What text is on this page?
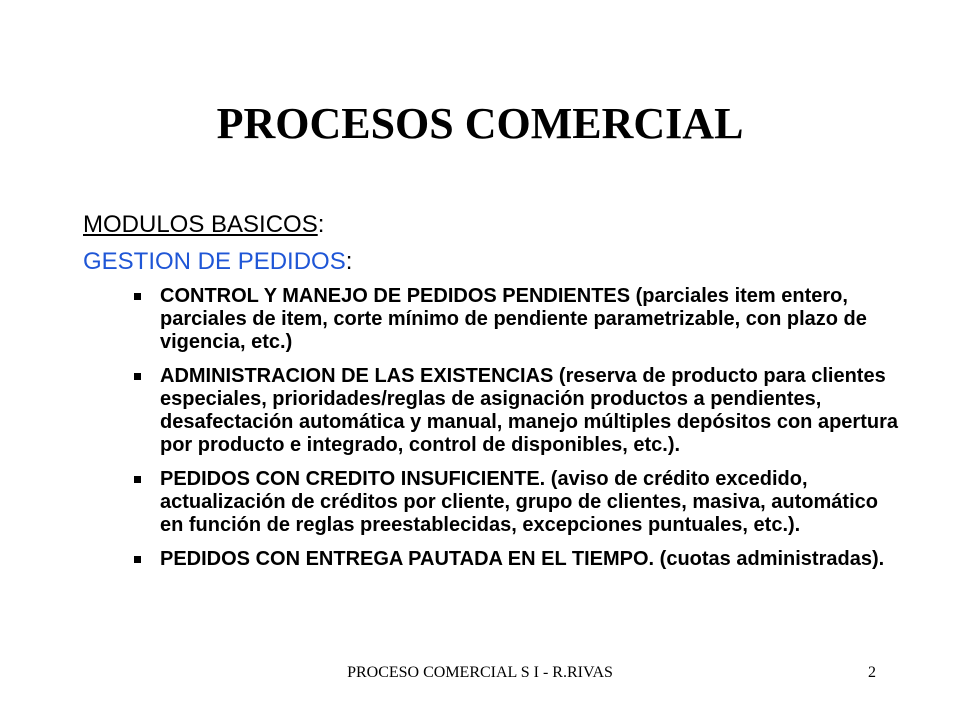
PROCESOS COMERCIAL
MODULOS BASICOS:
GESTION DE PEDIDOS:
CONTROL Y MANEJO DE PEDIDOS PENDIENTES (parciales item entero, parciales de item, corte mínimo de pendiente parametrizable, con plazo de vigencia, etc.)
ADMINISTRACION DE LAS EXISTENCIAS (reserva de producto para clientes especiales, prioridades/reglas de asignación productos a pendientes, desafectación automática y manual, manejo múltiples depósitos con apertura por producto e integrado, control de disponibles, etc.).
PEDIDOS CON CREDITO INSUFICIENTE. (aviso de crédito excedido, actualización de créditos por cliente, grupo de clientes, masiva, automático en función de reglas preestablecidas, excepciones puntuales, etc.).
PEDIDOS CON ENTREGA PAUTADA EN EL TIEMPO. (cuotas administradas).
PROCESO COMERCIAL S I - R.RIVAS	2
